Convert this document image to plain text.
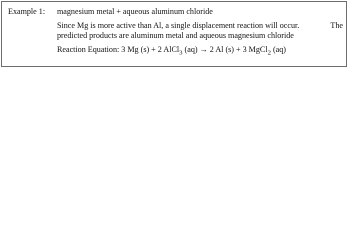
Example 1: magnesium metal + aqueous aluminum chloride
Since Mg is more active than Al, a single displacement reaction will occur.	The
predicted products are aluminum metal and aqueous magnesium chloride
Reaction Equation: 3 Mg (s) + 2 AlCl$_3$ (aq) → 2 Al (s) + 3 MgCl$_2$ (aq)
